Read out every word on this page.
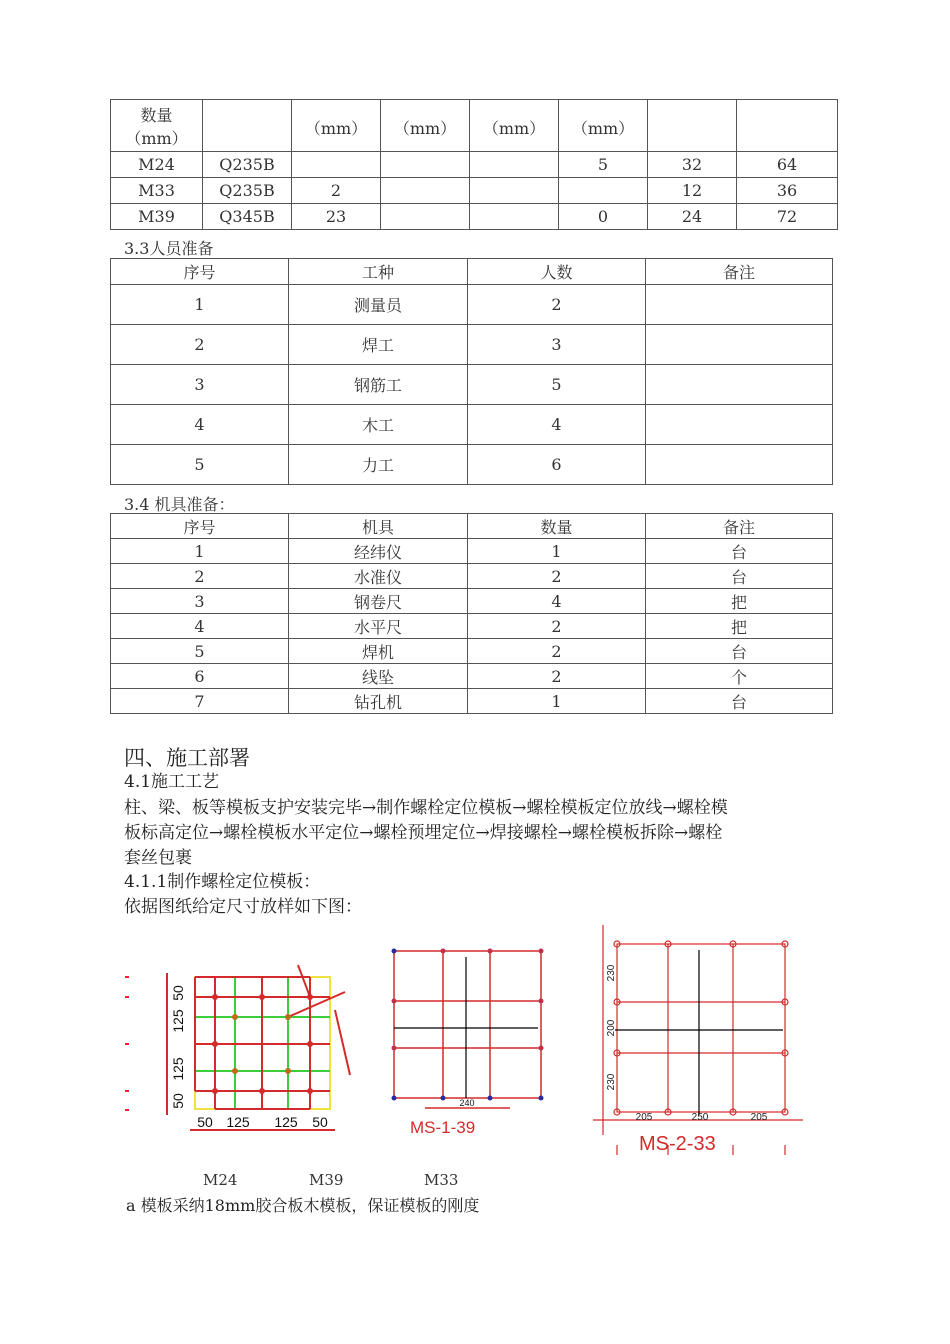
数量
（mm）		（mm）	（mm）	（mm）	（mm）		
M24	Q235B				5	32	64
M33	Q235B	2				12	36
M39	Q345B	23			0	24	72
3.3人员准备
序号	工种	人数	备注
1	测量员	2	
2	焊工	3	
3	钢筋工	5	
4	木工	4	
5	力工	6	
3.4 机具准备：
序号	机具	数量	备注
1	经纬仪	1	台
2	水准仪	2	台
3	钢卷尺	4	把
4	水平尺	2	把
5	焊机	2	台
6	线坠	2	个
7	钻孔机	1	台
四、施工部署
4.1施工工艺
柱、梁、板等模板支护安装完毕→制作螺栓定位模板→螺栓模板定位放线→螺栓模
板标高定位→螺栓模板水平定位→螺栓预埋定位→焊接螺栓→螺栓模板拆除→螺栓
套丝包裹
4.1.1制作螺栓定位模板：
依据图纸给定尺寸放样如下图：
50
125
125
50
50 125 125 50
240
MS-1-39
230
200
230
205	250	205
MS-2-33
M24	M39	M33
a 模板采纳18mm胶合板木模板，保证模板的刚度
